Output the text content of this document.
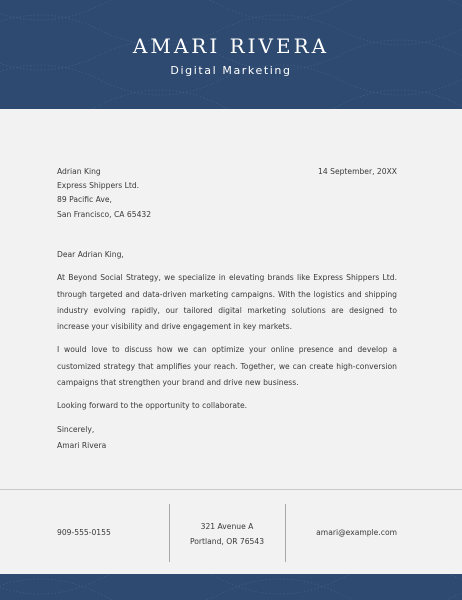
AMARI RIVERA
Digital Marketing
Adrian King
Express Shippers Ltd.
89 Pacific Ave,
San Francisco, CA 65432
14 September, 20XX

Dear Adrian King,

At Beyond Social Strategy, we specialize in elevating brands like Express Shippers Ltd. through targeted and data-driven marketing campaigns. With the logistics and shipping industry evolving rapidly, our tailored digital marketing solutions are designed to increase your visibility and drive engagement in key markets.

I would love to discuss how we can optimize your online presence and develop a customized strategy that amplifies your reach. Together, we can create high-conversion campaigns that strengthen your brand and drive new business.

Looking forward to the opportunity to collaborate.

Sincerely,

Amari Rivera

909-555-0155
321 Avenue A
Portland, OR 76543
amari@example.com
